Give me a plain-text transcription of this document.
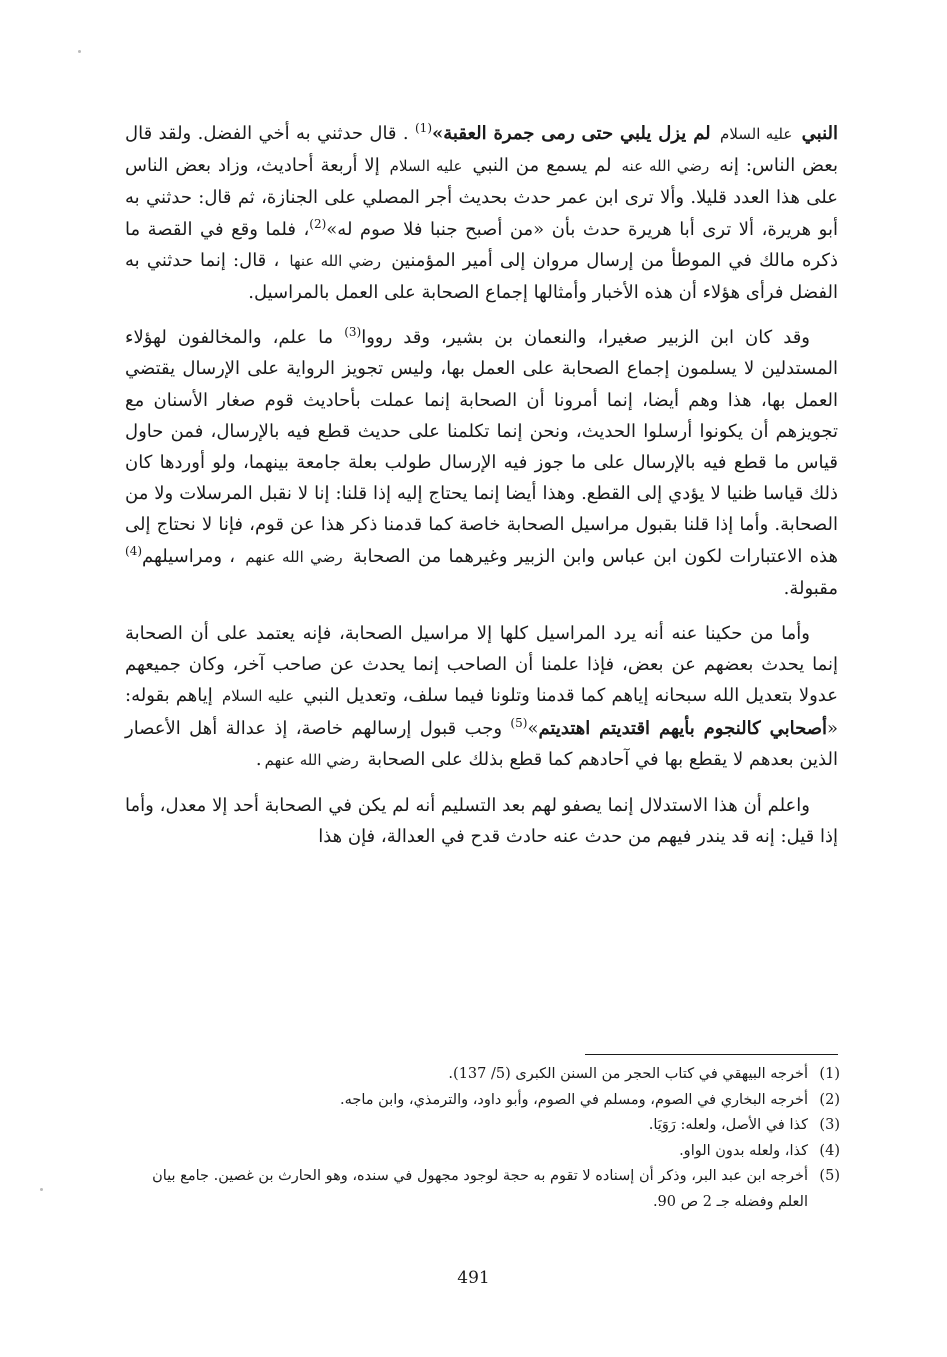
النبي عليه السلام لم يزل يلبي حتى رمى جمرة العقبة»$^{(1)}$ . قال حدثني به أخي الفضل. ولقد قال بعض الناس: إنه رضي الله عنه لم يسمع من النبي عليه السلام إلا أربعة أحاديث، وزاد بعض الناس على هذا العدد قليلا. وألا ترى ابن عمر حدث بحديث أجر المصلي على الجنازة، ثم قال: حدثني به أبو هريرة، ألا ترى أبا هريرة حدث بأن «من أصبح جنبا فلا صوم له»$^{(2)}$، فلما وقع في القصة ما ذكره مالك في الموطأ من إرسال مروان إلى أمير المؤمنين رضي الله عنها ، قال: إنما حدثني به الفضل فرأى هؤلاء أن هذه الأخبار وأمثالها إجماع الصحابة على العمل بالمراسيل.

وقد كان ابن الزبير صغيرا، والنعمان بن بشير، وقد رووا$^{(3)}$ ما علم، والمخالفون لهؤلاء المستدلين لا يسلمون إجماع الصحابة على العمل بها، وليس تجويز الرواية على الإرسال يقتضي العمل بها، هذا وهم أيضا، إنما أمرونا أن الصحابة إنما عملت بأحاديث قوم صغار الأسنان مع تجويزهم أن يكونوا أرسلوا الحديث، ونحن إنما تكلمنا على حديث قطع فيه بالإرسال، فمن حاول قياس ما قطع فيه بالإرسال على ما جوز فيه الإرسال طولب بعلة جامعة بينهما، ولو أوردها كان ذلك قياسا ظنيا لا يؤدي إلى القطع. وهذا أيضا إنما يحتاج إليه إذا قلنا: إنا لا نقبل المرسلات ولا من الصحابة. وأما إذا قلنا بقبول مراسيل الصحابة خاصة كما قدمنا ذكر هذا عن قوم، فإنا لا نحتاج إلى هذه الاعتبارات لكون ابن عباس وابن الزبير وغيرهما من الصحابة رضي الله عنهم ، ومراسيلهم$^{(4)}$ مقبولة.

وأما من حكينا عنه أنه يرد المراسيل كلها إلا مراسيل الصحابة، فإنه يعتمد على أن الصحابة إنما يحدث بعضهم عن بعض، فإذا علمنا أن الصاحب إنما يحدث عن صاحب آخر، وكان جميعهم عدولا بتعديل الله سبحانه إياهم كما قدمنا وتلونا فيما سلف، وتعديل النبي عليه السلام إياهم بقوله: «أصحابي كالنجوم بأيهم اقتديتم اهتديتم»$^{(5)}$ وجب قبول إرسالهم خاصة، إذ عدالة أهل الأعصار الذين بعدهم لا يقطع بها في آحادهم كما قطع بذلك على الصحابة رضي الله عنهم.

واعلم أن هذا الاستدلال إنما يصفو لهم بعد التسليم أنه لم يكن في الصحابة أحد إلا معدل، وأما إذا قيل: إنه قد يندر فيهم من حدث عنه حادث قدح في العدالة، فإن هذا

(1)أخرجه البيهقي في كتاب الحجر من السنن الكبرى (5/ 137).

(2)أخرجه البخاري في الصوم، ومسلم في الصوم، وأبو داود، والترمذي، وابن ماجه.

(3)كذا في الأصل، ولعله: رَوَيَا.

(4)كذا، ولعله بدون الواو.

(5)أخرجه ابن عبد البر، وذكر أن إسناده لا تقوم به حجة لوجود مجهول في سنده، وهو الحارث بن غصين. جامع بيان العلم وفضله جـ 2 ص 90.

491
